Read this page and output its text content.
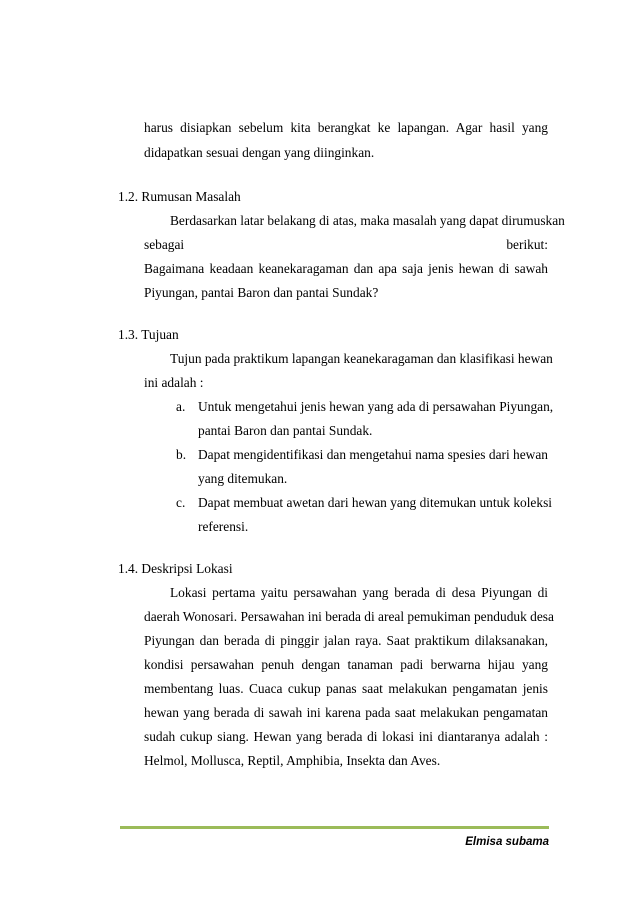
harus disiapkan sebelum kita berangkat ke lapangan. Agar hasil yang
didapatkan sesuai dengan yang diinginkan.
1.2. Rumusan Masalah
Berdasarkan latar belakang di atas, maka masalah yang dapat dirumuskan
sebagai	berikut:
Bagaimana keadaan keanekaragaman dan apa saja jenis hewan di sawah
Piyungan, pantai Baron dan pantai Sundak?
1.3. Tujuan
Tujun pada praktikum lapangan keanekaragaman dan klasifikasi hewan
ini adalah :
a. Untuk mengetahui jenis hewan yang ada di persawahan Piyungan,
pantai Baron dan pantai Sundak.
b. Dapat mengidentifikasi dan mengetahui nama spesies dari hewan
yang ditemukan.
c. Dapat membuat awetan dari hewan yang ditemukan untuk koleksi
referensi.
1.4. Deskripsi Lokasi
Lokasi pertama yaitu persawahan yang berada di desa Piyungan di
daerah Wonosari. Persawahan ini berada di areal pemukiman penduduk desa
Piyungan dan berada di pinggir jalan raya. Saat praktikum dilaksanakan,
kondisi persawahan penuh dengan tanaman padi berwarna hijau yang
membentang luas. Cuaca cukup panas saat melakukan pengamatan jenis
hewan yang berada di sawah ini karena pada saat melakukan pengamatan
sudah cukup siang. Hewan yang berada di lokasi ini diantaranya adalah :
Helmol, Mollusca, Reptil, Amphibia, Insekta dan Aves.
Elmisa subama
